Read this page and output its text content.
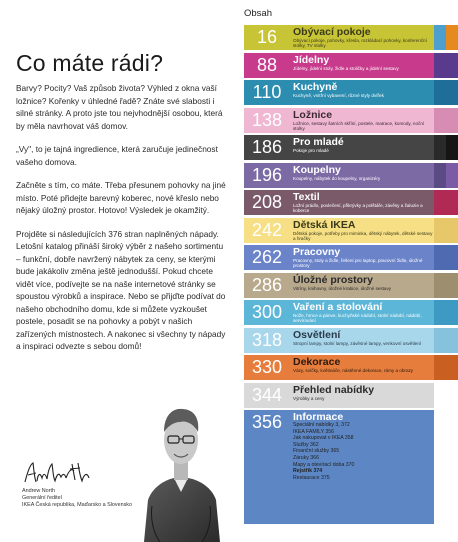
Co máte rádi?

Barvy? Pocity? Vaš způsob života? Výhled z okna vaší ložnice? Kořenky v úhledné řadě? Znáte své slabosti i silné stránky. A proto jste tou nejvhodnější osobou, která by měla navrhovat váš domov.

„Vy", to je tajná ingredience, která zaručuje jedinečnost vašeho domova.

Začněte s tím, co máte. Třeba přesunem pohovky na jiné místo. Poté přidejte barevný koberec, nové křeslo nebo nějaký úložný prostor. Hotovo! Výsledek je okamžitý.

Projděte si následujících 376 stran naplněných nápady. Letošní katalog přináší široký výběr z našeho sortimentu – funkční, dobře navržený nábytek za ceny, se kterými bude jakákoliv změna ještě jednodušší. Pokud chcete vidět více, podívejte se na naše internetové stránky se spoustou výrobků a inspirace. Nebo se přijďte podívat do našeho obchodního domu, kde si můžete vyzkoušet postele, posadit se na pohovky a pobýt v našich zařízených místnostech. A nakonec si všechny ty nápady a inspiraci odvezte s sebou domů!

Andrew North
Generální ředitel
IKEA Česká republika, Maďarsko a Slovensko
Obsah
16	Obývací pokoje
Obývací pokoje, pohovky, křesla, rozkládací pohovky, konferenční stolky, TV stolky
88	Jídelny
Jídelny, jídelní stoly, židle a stoličky a jídelní sestavy
110	Kuchyně
Kuchyně, vnitřní vybavení, různé styly dvířek
138	Ložnice
Ložnice, sestavy šatních skříní, postele, matrace, komody, noční stolky
186	Pro mladé
Pokoje pro mladé
196	Koupelny
Koupelny, nábytek do koupelny, organizéry
208	Textil
Ložní prádlo, povlečení, přikrývky a polštáře, závěsy a žaluzie a koberce
242	Dětská IKEA
Dětská pokoje, potřeby pro miminka, dětský nábytek, dětské sestavy a hračky
262	Pracovny
Pracovny, stoly a židle, řešení pro laptop, pracovní židle, úložné prostory
286	Úložné prostory
Vitríny, knihovny, úložné krabice, úložné sestavy
300	Vaření a stolování
Nože, hrnce a pánve, kuchyňské nádobí, stolní nádobí, nádobí, servírování
318	Osvětlení
Stropní lampy, stolní lampy, závěsné lampy, venkovní osvětlení
330	Dekorace
Vázy, svíčky, květináče, nástěnné dekorace, rámy a obrazy
344	Přehled nabídky
Výrobky a ceny
356	Informace
Speciální nabídky 3, 372
IKEA FAMILY 356
Jak nakupovat v IKEA 358
Služby 362
Finanční služby 365
Záruky 366
Mapy a otevírací doba 370
Rejstřík 374
Restaurace 375
